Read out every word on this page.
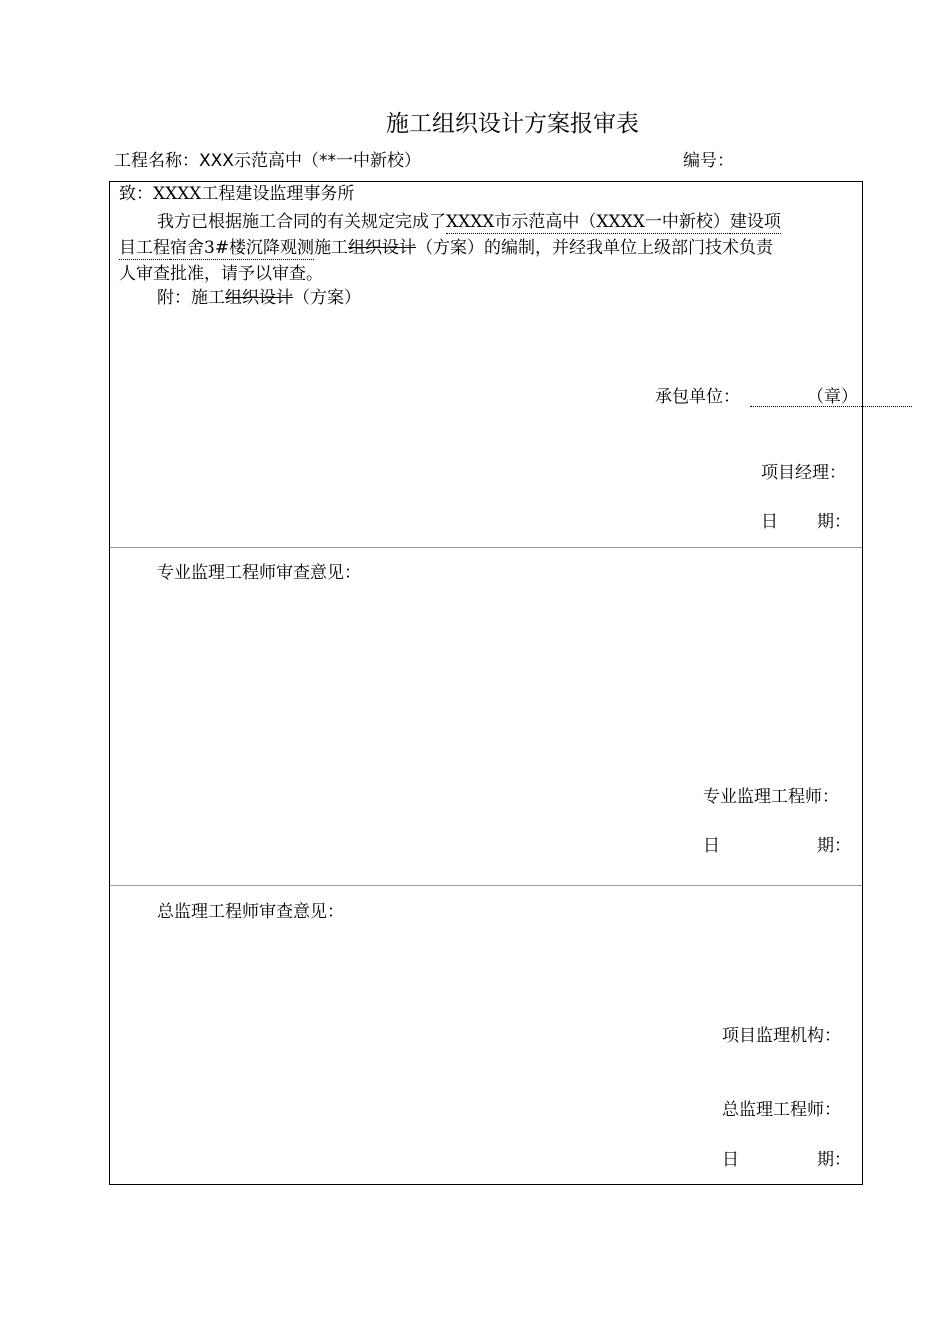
施工组织设计方案报审表
工程名称：XXX示范高中（**一中新校）	编号：
致：XXXX工程建设监理事务所
我方已根据施工合同的有关规定完成了XXXX市示范高中（XXXX一中新校）建设项
目工程宿舍3#楼沉降观测施工组织设计（方案）的编制，并经我单位上级部门技术负责
人审查批准，请予以审查。
附：施工组织设计（方案）
承包单位：	（章）
项目经理：
日 期：
专业监理工程师审查意见：
专业监理工程师：
日	期：
总监理工程师审查意见：
项目监理机构：
总监理工程师：
日	期：
